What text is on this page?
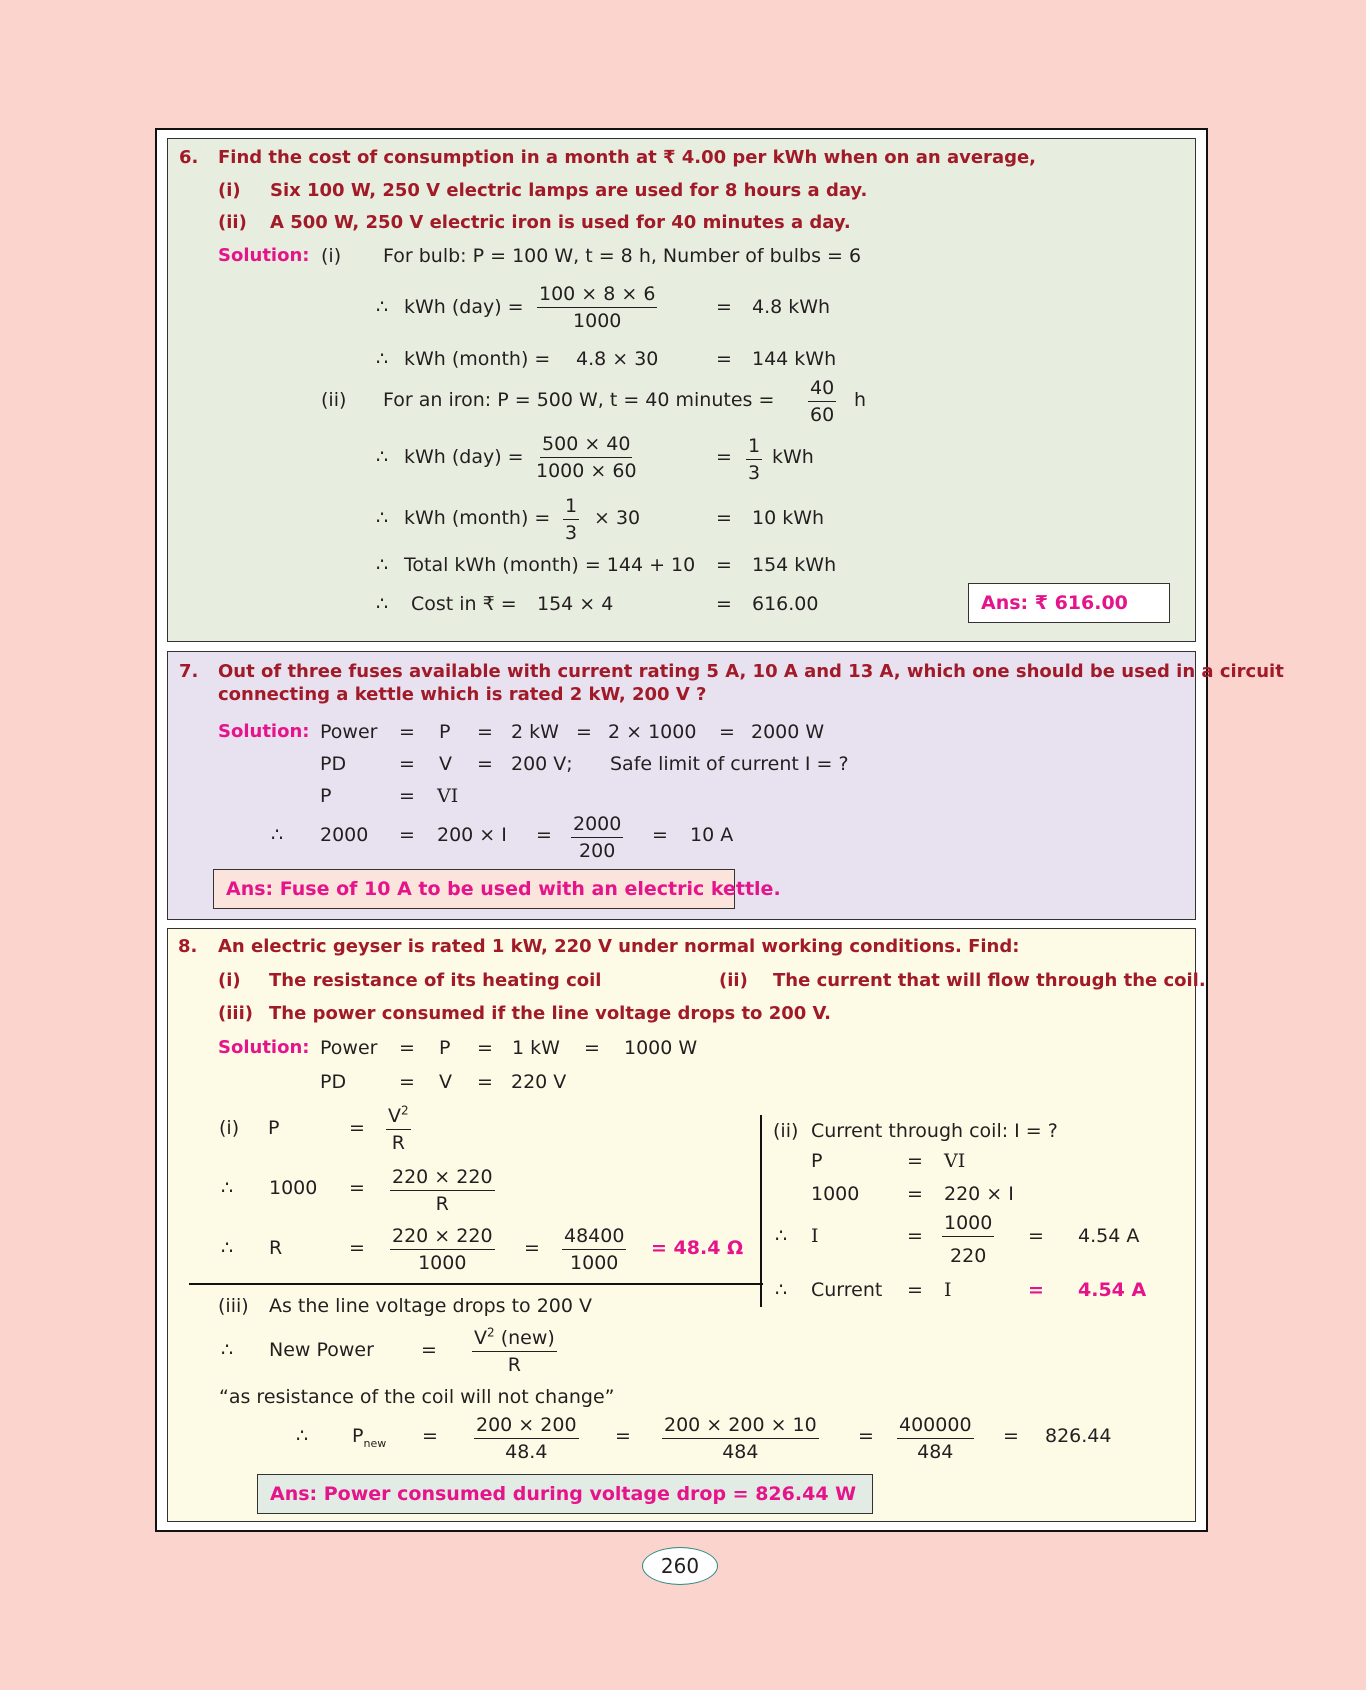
6. Find the cost of consumption in a month at ₹ 4.00 per kWh when on an average,
(i) Six 100 W, 250 V electric lamps are used for 8 hours a day.
(ii) A 500 W, 250 V electric iron is used for 40 minutes a day.
Solution: (i) For bulb: P = 100 W, t = 8 h, Number of bulbs = 6
∴ kWh $(day) = \frac{100 \times 8 \times 6}{1000}$	= 4.8 kWh
∴ kWh (month) = 4.8 × 30	= 144 kWh
(ii) For an iron: P = 500 W, t = 40 minutes = $\frac{40}{60}$ h
∴ kWh $(day) = \frac{500 \times 40}{1000 \times 60}$	= $\frac{1}{3}$ kWh
∴ kWh (month) = $\frac{1}{3} \times 30$	= 10 kWh
∴ Total kWh (month) = 144 + 10 = 154 kWh
∴ Cost in ₹ = 154 × 4	= 616.00	Ans: ₹ 616.00
7. Out of three fuses available with current rating 5 A, 10 A and 13 A, which one should be used in a circuit
connecting a kettle which is rated 2 kW, 200 V ?
Solution: Power = P = 2 kW = 2 × 1000 = 2000 W
PD	= V = 200 V; Safe limit of current I = ?
P	= VI
∴ $2000 = 200 \times I = \frac{2000}{200} = 10$ A
Ans: Fuse of 10 A to be used with an electric kettle.
8. An electric geyser is rated 1 kW, 220 V under normal working conditions. Find:
(i) The resistance of its heating coil	(ii) The current that will flow through the coil.
(iii) The power consumed if the line voltage drops to 200 V.
Solution: Power = P = 1 kW = 1000 W
PD	= V = 220 V
(i) P	= $\frac{V^2}{R}$
∴ $1000 = \frac{220 \times 220}{R}$
∴ R	= $\frac{220 \times 220}{1000} = \frac{48400}{1000} = 48.4$ Ω
(ii) Current through coil: I = ?
P	= VI
1000	= 220 × I
∴ I	= $\frac{1000}{220} = 4.54$ A
∴ Current = I	= 4.54 A
(iii) As the line voltage drops to 200 V
∴ New Power =
$V^2$ (new)
R
“as resistance of the coil will not change”
∴ $P_{new} = \frac{200 \times 200}{48.4} = \frac{200 \times 200 \times 10}{484} = \frac{400000}{484} = 826.44$
Ans: Power consumed during voltage drop = 826.44 W
260
